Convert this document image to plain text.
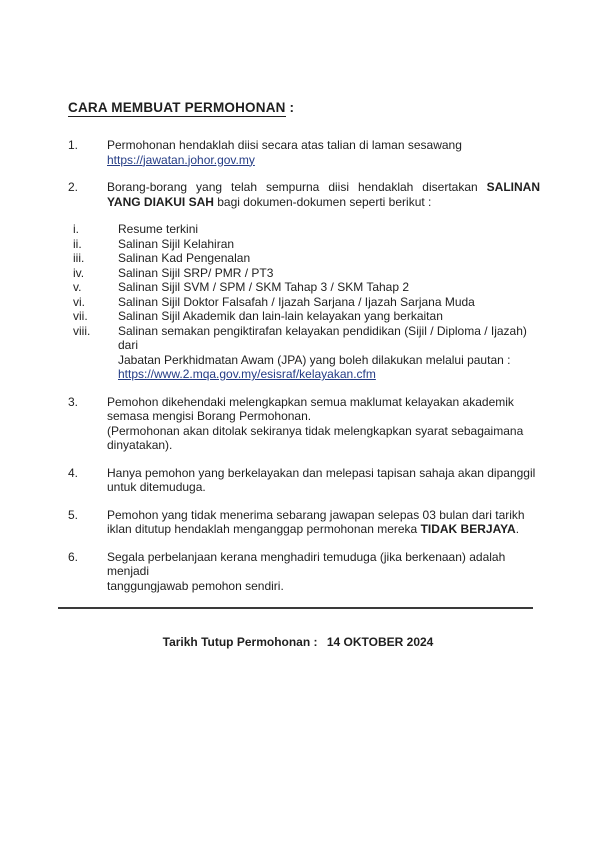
CARA MEMBUAT PERMOHONAN :
1.	Permohonan hendaklah diisi secara atas talian di laman sesawang
https://jawatan.johor.gov.my
2.	Borang-borang yang telah sempurna diisi hendaklah disertakan SALINAN
YANG DIAKUI SAH bagi dokumen-dokumen seperti berikut :
i.	Resume terkini
ii.	Salinan Sijil Kelahiran
iii.	Salinan Kad Pengenalan
iv.	Salinan Sijil SRP/ PMR / PT3
v.	Salinan Sijil SVM / SPM / SKM Tahap 3 / SKM Tahap 2
vi.	Salinan Sijil Doktor Falsafah / Ijazah Sarjana / Ijazah Sarjana Muda
vii.	Salinan Sijil Akademik dan lain-lain kelayakan yang berkaitan
viii.	Salinan semakan pengiktirafan kelayakan pendidikan (Sijil / Diploma / Ijazah) dari
Jabatan Perkhidmatan Awam (JPA) yang boleh dilakukan melalui pautan :
https://www.2.mqa.gov.my/esisraf/kelayakan.cfm
3.	Pemohon dikehendaki melengkapkan semua maklumat kelayakan akademik
semasa mengisi Borang Permohonan.
(Permohonan akan ditolak sekiranya tidak melengkapkan syarat sebagaimana
dinyatakan).
4.	Hanya pemohon yang berkelayakan dan melepasi tapisan sahaja akan dipanggil
untuk ditemuduga.
5.	Pemohon yang tidak menerima sebarang jawapan selepas 03 bulan dari tarikh
iklan ditutup hendaklah menganggap permohonan mereka TIDAK BERJAYA.
6.	Segala perbelanjaan kerana menghadiri temuduga (jika berkenaan) adalah menjadi
tanggungjawab pemohon sendiri.
Tarikh Tutup Permohonan : 14 OKTOBER 2024
